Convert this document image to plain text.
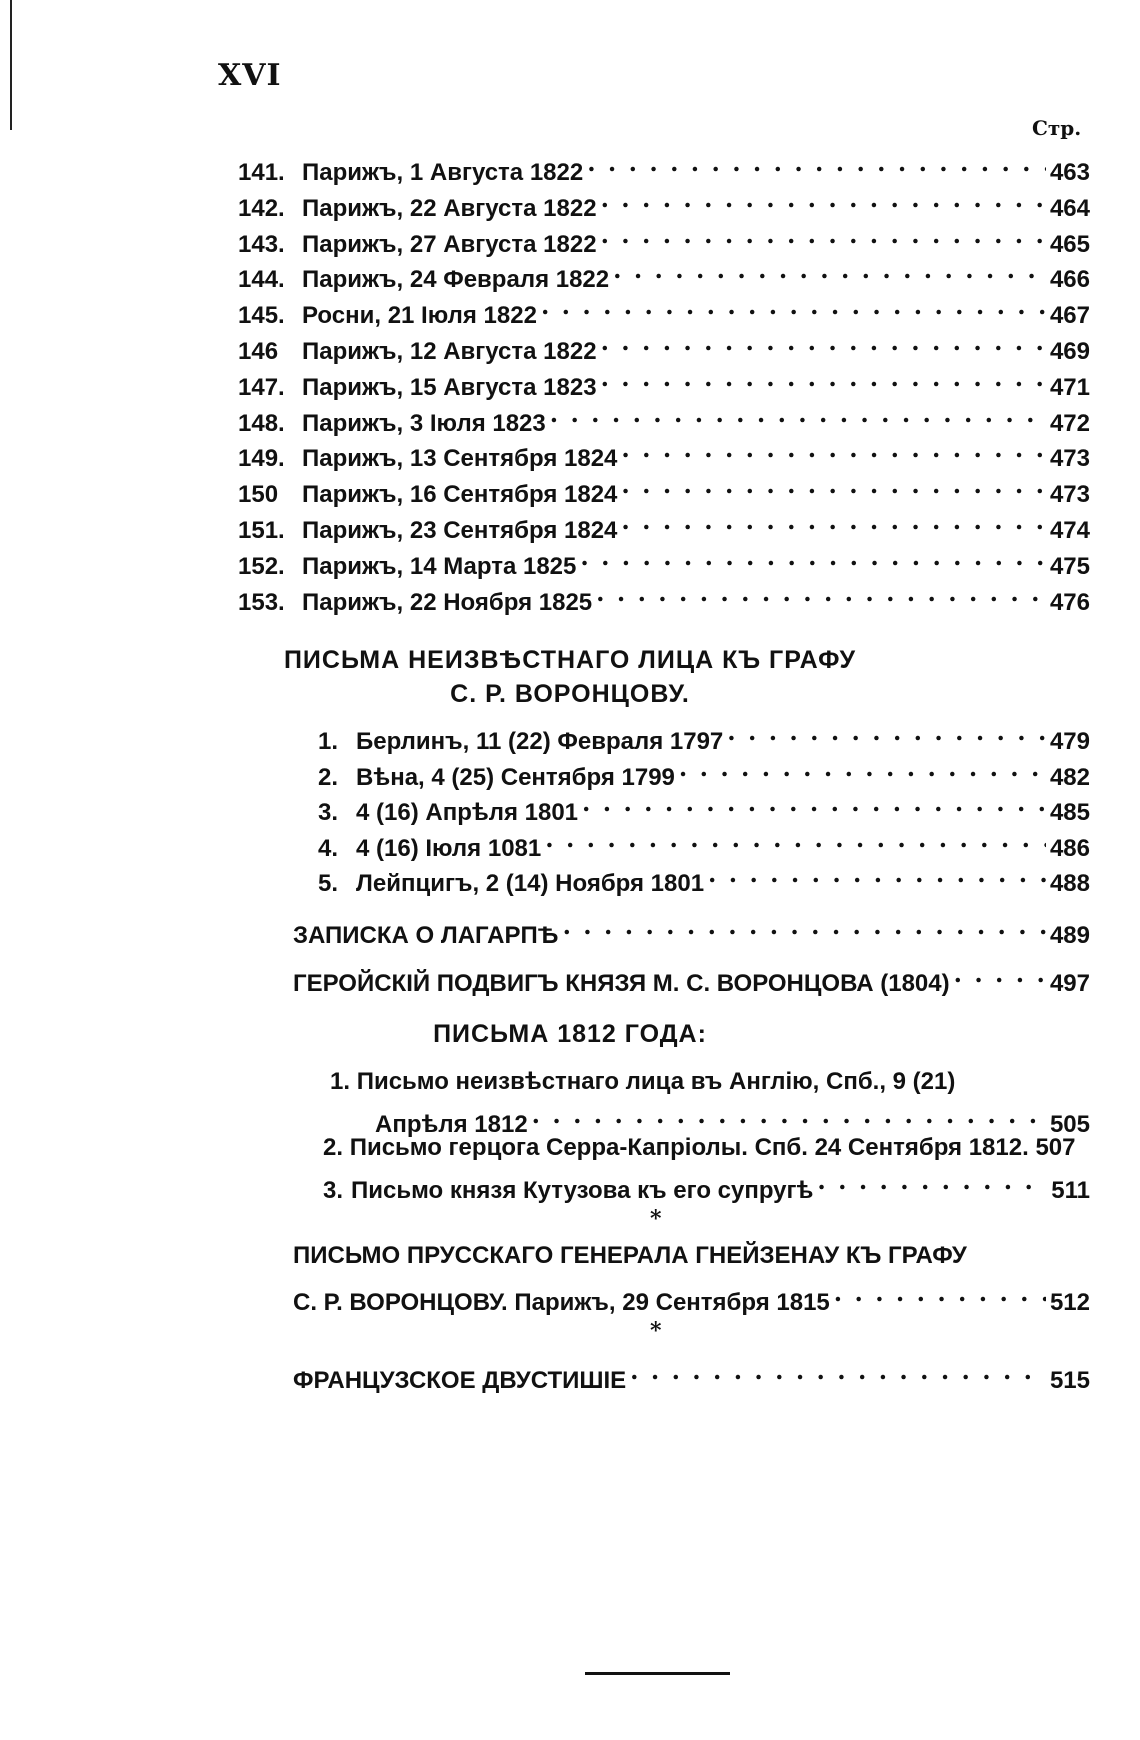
XVI
Стр.
141. Парижъ, 1 Августа 1822 . . .	463
142. Парижъ, 22 Августа 1822 . . .	464
143. Парижъ, 27 Августа 1822 . . .	465
144. Парижъ, 24 Февраля 1822 . . .	466
145. Росни, 21 Іюля 1822 . . .	467
146 Парижъ, 12 Августа 1822 . . .	469
147. Парижъ, 15 Августа 1823 . . .	471
148. Парижъ, 3 Іюля 1823 . . .	472
149. Парижъ, 13 Сентября 1824 . . .	473
150 Парижъ, 16 Сентября 1824 . . .	473
151. Парижъ, 23 Сентября 1824 . . .	474
152. Парижъ, 14 Марта 1825 . . .	475
153. Парижъ, 22 Ноября 1825 . . .	476
ПИСЬМА НЕИЗВѢСТНАГО ЛИЦА КЪ ГРАФУ
С. Р. ВОРОНЦОВУ.
1. Берлинъ, 11 (22) Февраля 1797 . . .	479
2. Вѣна, 4 (25) Сентября 1799 . . .	482
3. 4 (16) Апрѣля 1801 . . .	485
4. 4 (16) Іюля 1081 . . .	486
5. Лейпцигъ, 2 (14) Ноября 1801 . . .	488
ЗАПИСКА О ЛАГАРПѢ . . .	489
ГЕРОЙСКІЙ ПОДВИГЪ КНЯЗЯ М. С. ВОРОНЦОВА (1804) . . .	497
ПИСЬМА 1812 ГОДА:
1. Письмо неизвѣстнаго лица въ Англію, Спб., 9 (21)
Апрѣля 1812 . . .	505
2. Письмо герцога Серра-Капріолы. Спб. 24 Сентября 1812. 507
3. Письмо князя Кутузова къ его супругѣ . . .	511
*
ПИСЬМО ПРУССКАГО ГЕНЕРАЛА ГНЕЙЗЕНАУ КЪ ГРАФУ
С. Р. ВОРОНЦОВУ. Парижъ, 29 Сентября 1815 . . .	512
*
ФРАНЦУЗСКОЕ ДВУСТИШІЕ . . .	515
